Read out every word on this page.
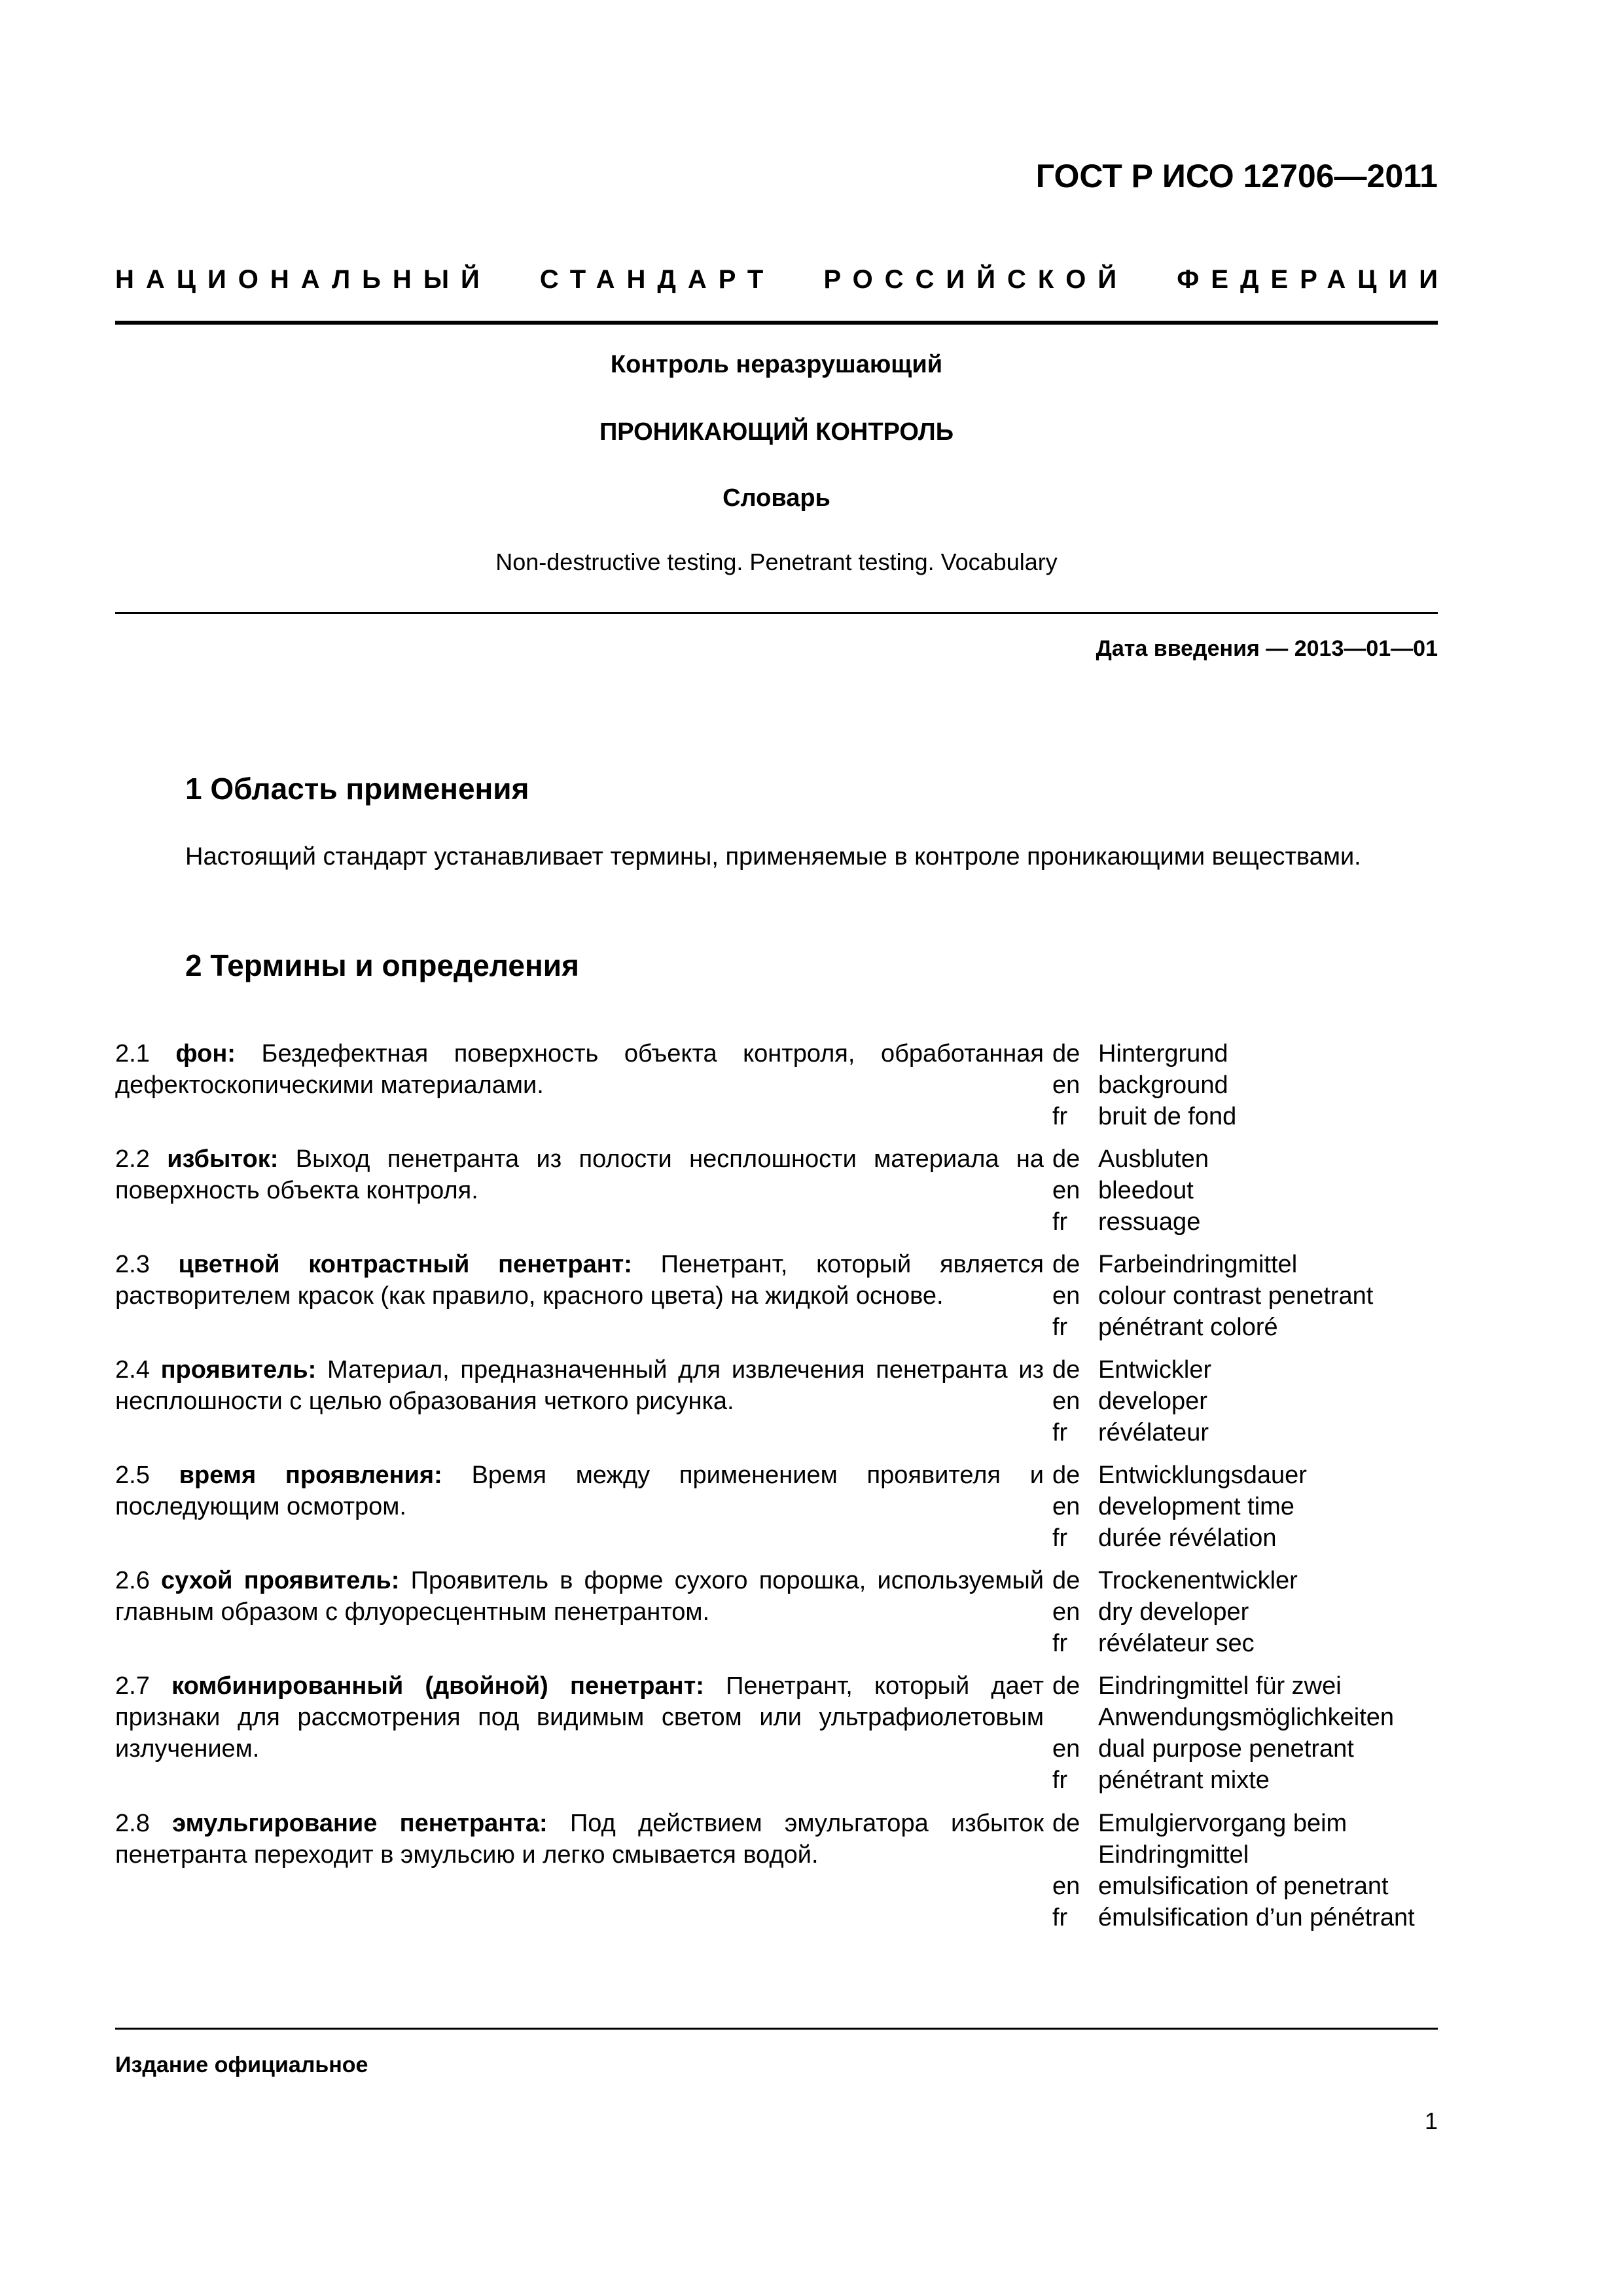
ГОСТ Р ИСО 12706—2011
НАЦИОНАЛЬНЫЙ СТАНДАРТ РОССИЙСКОЙ ФЕДЕРАЦИИ
Контроль неразрушающий
ПРОНИКАЮЩИЙ КОНТРОЛЬ
Словарь
Non-destructive testing. Penetrant testing. Vocabulary
Дата введения — 2013—01—01
1 Область применения
Настоящий стандарт устанавливает термины, применяемые в контроле проникающими веществами.
2 Термины и определения
2.1 фон: Бездефектная поверхность объекта контроля, обработанная дефектоскопическими материалами.
de Hintergrund
en background
fr	bruit de fond
2.2 избыток: Выход пенетранта из полости несплошности материала на поверхность объекта контроля.
de Ausbluten
en bleedout
fr	ressuage
2.3 цветной контрастный пенетрант: Пенетрант, который является растворителем красок (как правило, красного цвета) на жидкой основе.
de Farbeindringmittel
en colour contrast penetrant
fr	pénétrant coloré
2.4 проявитель: Материал, предназначенный для извлечения пенетранта из несплошности с целью образования четкого рисунка.
de Entwickler
en developer
fr	révélateur
2.5 время проявления: Время между применением проявителя и последующим осмотром.
de Entwicklungsdauer
en development time
fr	durée révélation
2.6 сухой проявитель: Проявитель в форме сухого порошка, используемый главным образом с флуоресцентным пенетрантом.
de Trockenentwickler
en dry developer
fr	révélateur sec
2.7 комбинированный (двойной) пенетрант: Пенетрант, который дает признаки для рассмотрения под видимым светом или ультрафиолетовым излучением.
de Eindringmittel für zwei Anwendungsmöglichkeiten
en dual purpose penetrant
fr	pénétrant mixte
2.8 эмульгирование пенетранта: Под действием эмульгатора избыток пенетранта переходит в эмульсию и легко смывается водой.
de Emulgiervorgang beim Eindringmittel
en emulsification of penetrant
fr	émulsification d’un pénétrant
Издание официальное
1
